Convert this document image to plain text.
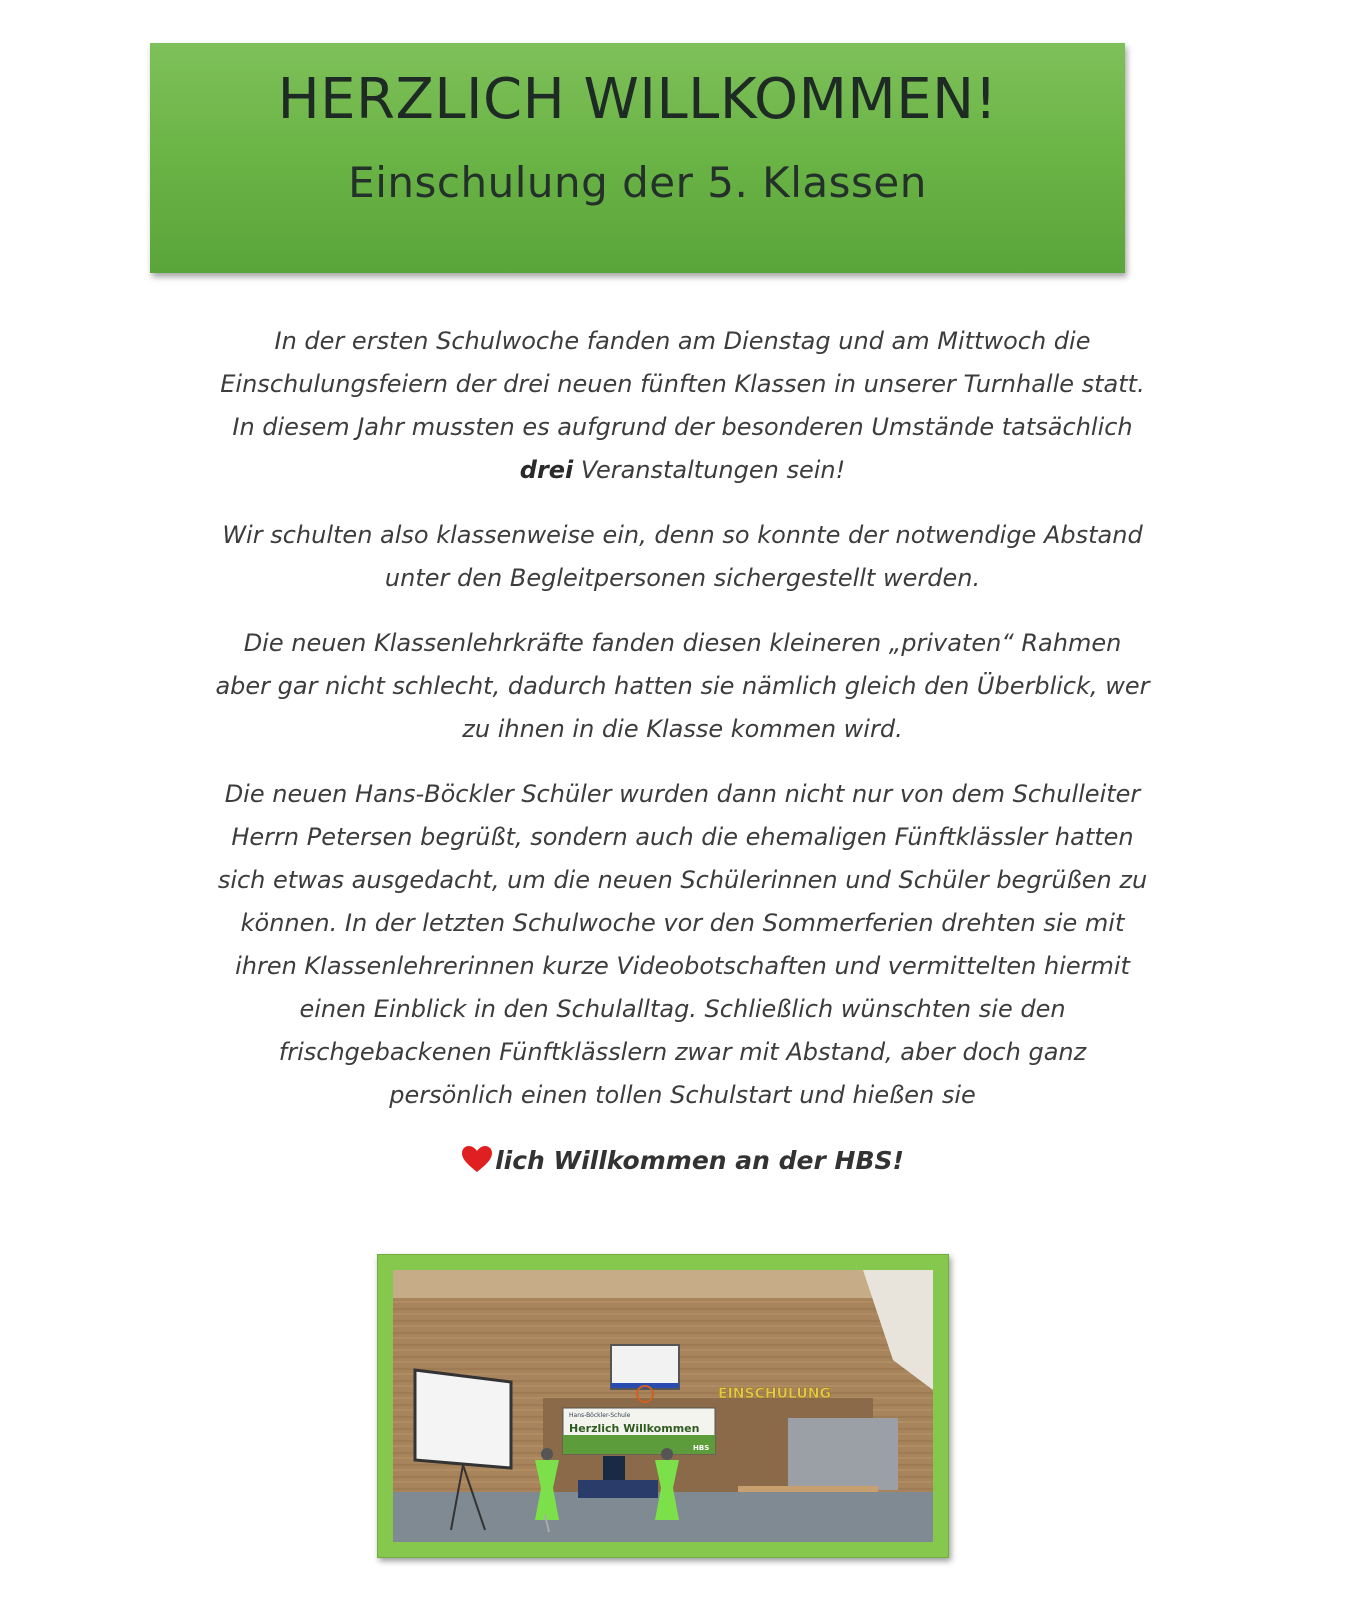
HERZLICH WILLKOMMEN!
Einschulung der 5. Klassen

In der ersten Schulwoche fanden am Dienstag und am Mittwoch die
Einschulungsfeiern der drei neuen fünften Klassen in unserer Turnhalle statt.
In diesem Jahr mussten es aufgrund der besonderen Umstände tatsächlich
drei Veranstaltungen sein!

Wir schulten also klassenweise ein, denn so konnte der notwendige Abstand
unter den Begleitpersonen sichergestellt werden.

Die neuen Klassenlehrkräfte fanden diesen kleineren „privaten“ Rahmen
aber gar nicht schlecht, dadurch hatten sie nämlich gleich den Überblick, wer
zu ihnen in die Klasse kommen wird.

Die neuen Hans-Böckler Schüler wurden dann nicht nur von dem Schulleiter
Herrn Petersen begrüßt, sondern auch die ehemaligen Fünftklässler hatten
sich etwas ausgedacht, um die neuen Schülerinnen und Schüler begrüßen zu
können. In der letzten Schulwoche vor den Sommerferien drehten sie mit
ihren Klassenlehrerinnen kurze Videobotschaften und vermittelten hiermit
einen Einblick in den Schulalltag. Schließlich wünschten sie den
frischgebackenen Fünftklässlern zwar mit Abstand, aber doch ganz
persönlich einen tollen Schulstart und hießen sie

lich Willkommen an der HBS!

Hans-Böckler-Schule
Herzlich Willkommen
HBS
EINSCHULUNG
